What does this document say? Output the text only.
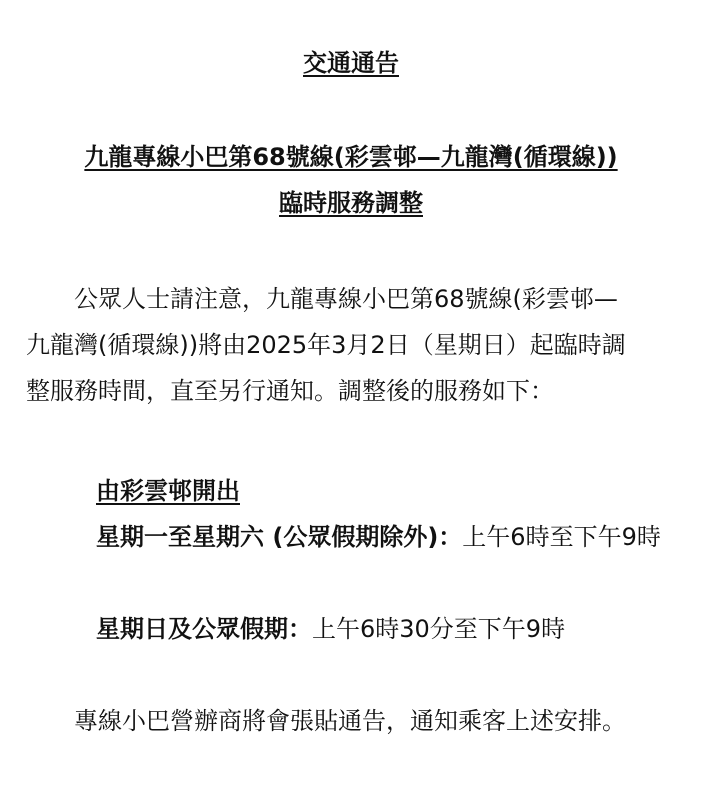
交通通告
九龍專線小巴第68號線(彩雲邨—九龍灣(循環線))
臨時服務調整
公眾人士請注意，九龍專線小巴第68號線(彩雲邨—
九龍灣(循環線))將由2025年3月2日（星期日）起臨時調
整服務時間，直至另行通知。調整後的服務如下：
由彩雲邨開出
星期一至星期六 (公眾假期除外)：上午6時至下午9時
星期日及公眾假期：上午6時30分至下午9時
專線小巴營辦商將會張貼通告，通知乘客上述安排。
